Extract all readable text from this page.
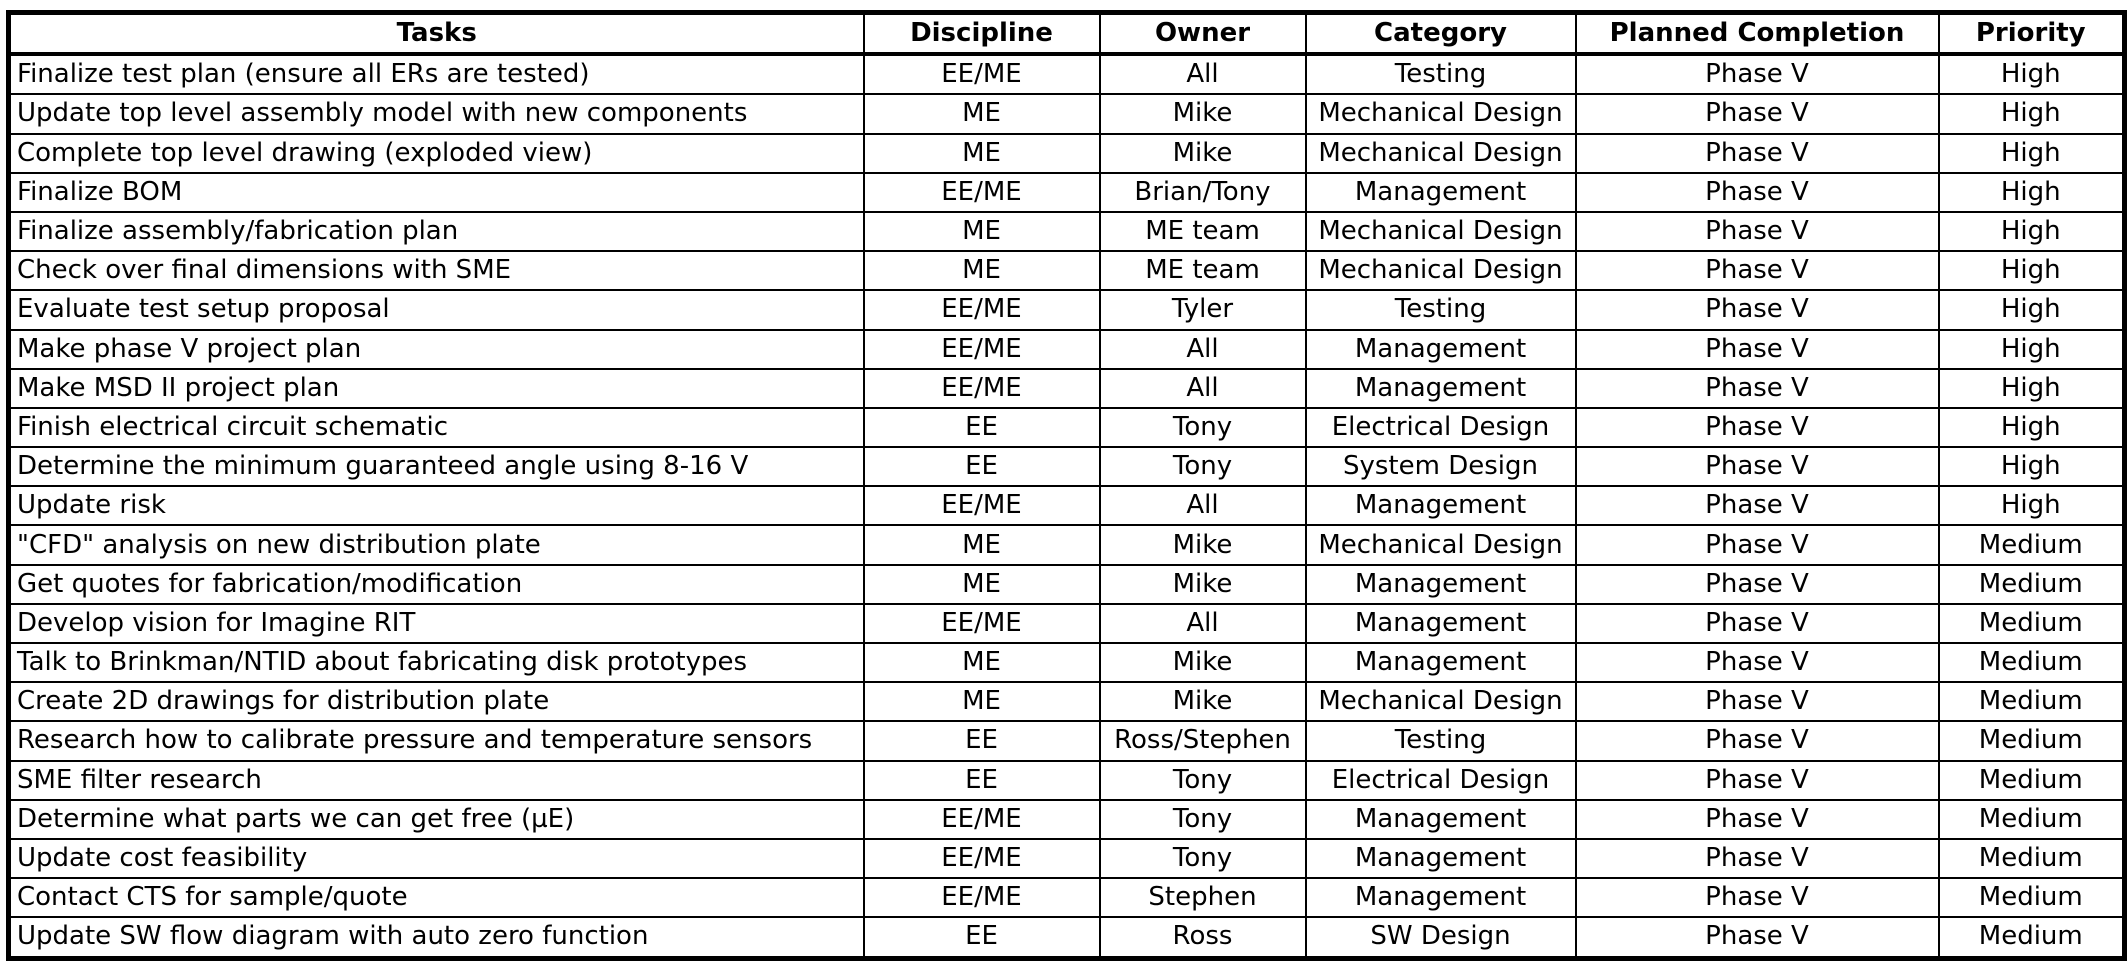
Tasks	Discipline	Owner	Category	Planned Completion	Priority
Finalize test plan (ensure all ERs are tested)	EE/ME	All	Testing	Phase V	High
Update top level assembly model with new components	ME	Mike	Mechanical Design	Phase V	High
Complete top level drawing (exploded view)	ME	Mike	Mechanical Design	Phase V	High
Finalize BOM	EE/ME	Brian/Tony	Management	Phase V	High
Finalize assembly/fabrication plan	ME	ME team	Mechanical Design	Phase V	High
Check over final dimensions with SME	ME	ME team	Mechanical Design	Phase V	High
Evaluate test setup proposal	EE/ME	Tyler	Testing	Phase V	High
Make phase V project plan	EE/ME	All	Management	Phase V	High
Make MSD II project plan	EE/ME	All	Management	Phase V	High
Finish electrical circuit schematic	EE	Tony	Electrical Design	Phase V	High
Determine the minimum guaranteed angle using 8-16 V	EE	Tony	System Design	Phase V	High
Update risk	EE/ME	All	Management	Phase V	High
"CFD" analysis on new distribution plate	ME	Mike	Mechanical Design	Phase V	Medium
Get quotes for fabrication/modification	ME	Mike	Management	Phase V	Medium
Develop vision for Imagine RIT	EE/ME	All	Management	Phase V	Medium
Talk to Brinkman/NTID about fabricating disk prototypes	ME	Mike	Management	Phase V	Medium
Create 2D drawings for distribution plate	ME	Mike	Mechanical Design	Phase V	Medium
Research how to calibrate pressure and temperature sensors	EE	Ross/Stephen	Testing	Phase V	Medium
SME filter research	EE	Tony	Electrical Design	Phase V	Medium
Determine what parts we can get free (µE)	EE/ME	Tony	Management	Phase V	Medium
Update cost feasibility	EE/ME	Tony	Management	Phase V	Medium
Contact CTS for sample/quote	EE/ME	Stephen	Management	Phase V	Medium
Update SW flow diagram with auto zero function	EE	Ross	SW Design	Phase V	Medium
